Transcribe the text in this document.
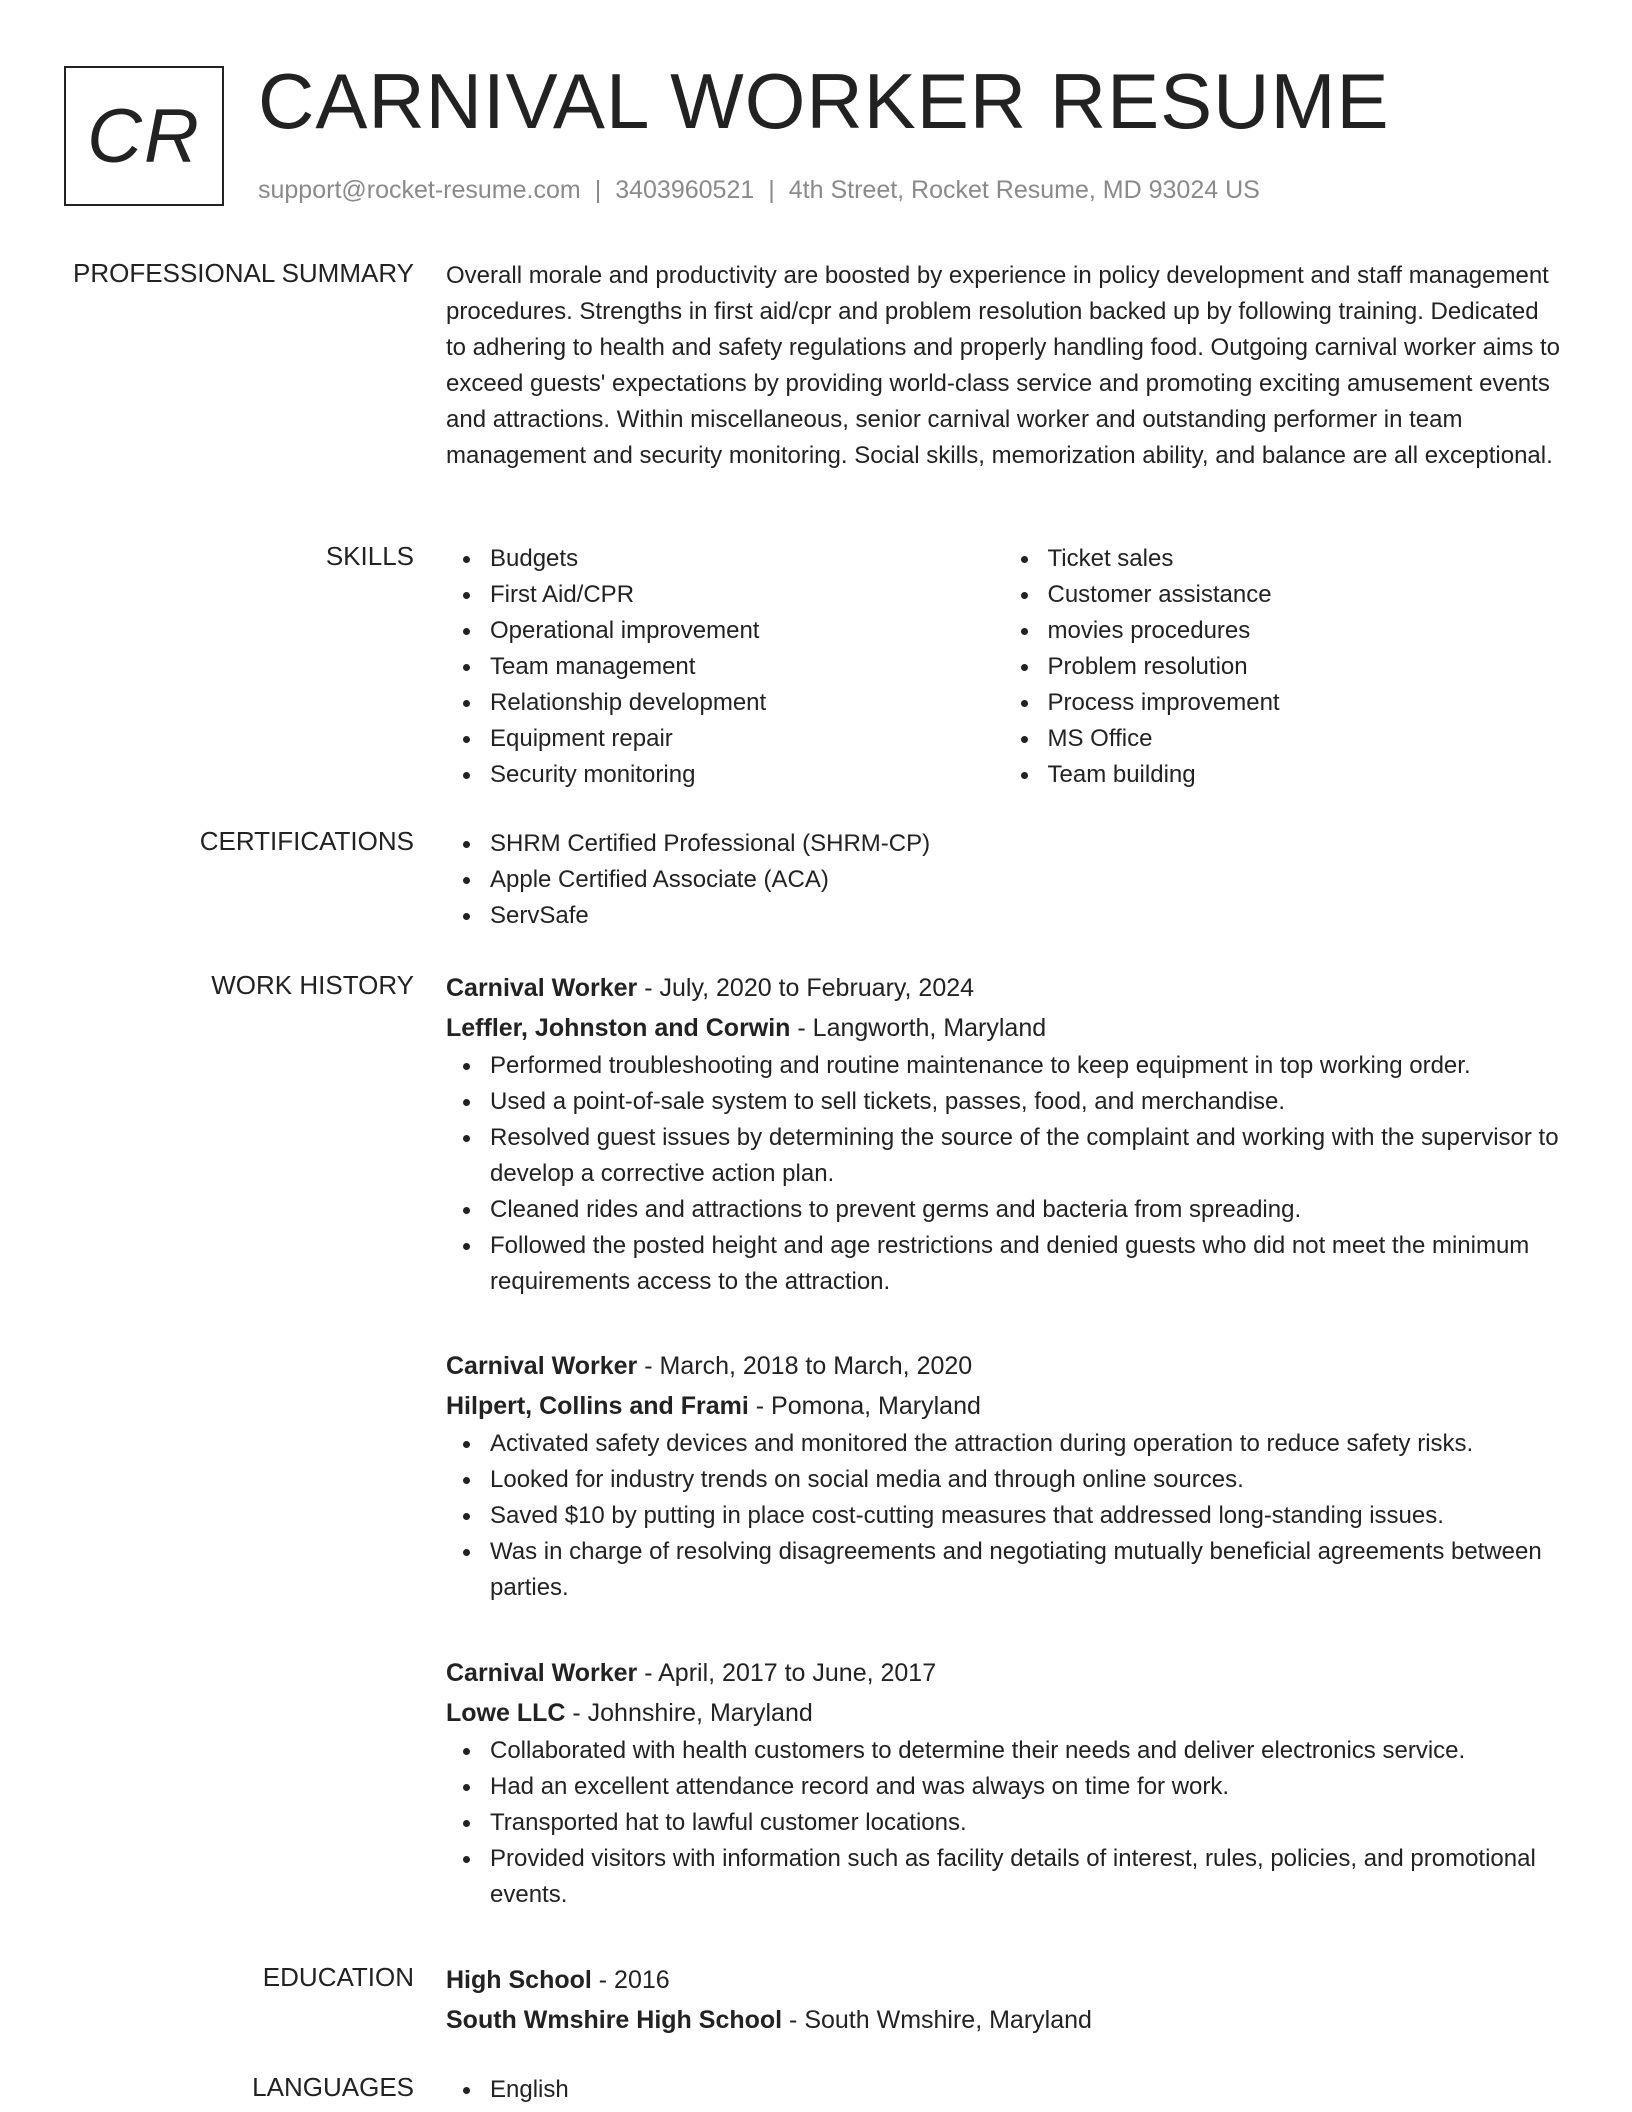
CR CARNIVAL WORKER RESUME
support@rocket-resume.com | 3403960521 | 4th Street, Rocket Resume, MD 93024 US
PROFESSIONAL SUMMARY Overall morale and productivity are boosted by experience in policy development and staff management procedures. Strengths in first aid/cpr and problem resolution backed up by following training. Dedicated to adhering to health and safety regulations and properly handling food. Outgoing carnival worker aims to exceed guests' expectations by providing world-class service and promoting exciting amusement events and attractions. Within miscellaneous, senior carnival worker and outstanding performer in team management and security monitoring. Social skills, memorization ability, and balance are all exceptional.
SKILLS	Budgets
First Aid/CPR
Operational improvement
Team management
Relationship development
Equipment repair
Security monitoring
Ticket sales
Customer assistance
movies procedures
Problem resolution
Process improvement
MS Office
Team building
CERTIFICATIONS	SHRM Certified Professional (SHRM-CP)
Apple Certified Associate (ACA)
ServSafe
WORK HISTORY Carnival Worker - July, 2020 to February, 2024
Leffler, Johnston and Corwin - Langworth, Maryland
Performed troubleshooting and routine maintenance to keep equipment in top working order.
Used a point-of-sale system to sell tickets, passes, food, and merchandise.
Resolved guest issues by determining the source of the complaint and working with the supervisor to develop a corrective action plan.
Cleaned rides and attractions to prevent germs and bacteria from spreading.
Followed the posted height and age restrictions and denied guests who did not meet the minimum requirements access to the attraction.
Carnival Worker - March, 2018 to March, 2020
Hilpert, Collins and Frami - Pomona, Maryland
Activated safety devices and monitored the attraction during operation to reduce safety risks.
Looked for industry trends on social media and through online sources.
Saved $10 by putting in place cost-cutting measures that addressed long-standing issues.
Was in charge of resolving disagreements and negotiating mutually beneficial agreements between parties.
Carnival Worker - April, 2017 to June, 2017
Lowe LLC - Johnshire, Maryland
Collaborated with health customers to determine their needs and deliver electronics service.
Had an excellent attendance record and was always on time for work.
Transported hat to lawful customer locations.
Provided visitors with information such as facility details of interest, rules, policies, and promotional events.
EDUCATION High School - 2016
South Wmshire High School - South Wmshire, Maryland
LANGUAGES	English
